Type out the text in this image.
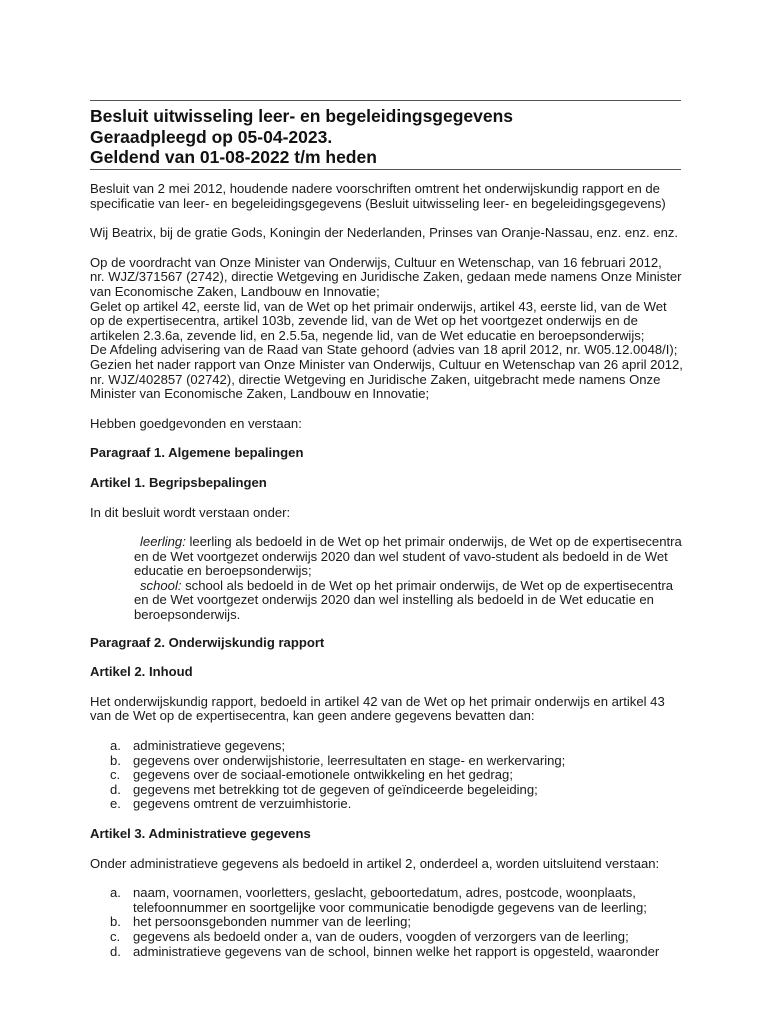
Besluit uitwisseling leer- en begeleidingsgegevens

Geraadpleegd op 05-04-2023.

Geldend van 01-08-2022 t/m heden

Besluit van 2 mei 2012, houdende nadere voorschriften omtrent het onderwijskundig rapport en de

specificatie van leer- en begeleidingsgegevens (Besluit uitwisseling leer- en begeleidingsgegevens)

Wij Beatrix, bij de gratie Gods, Koningin der Nederlanden, Prinses van Oranje-Nassau, enz. enz. enz.

Op de voordracht van Onze Minister van Onderwijs, Cultuur en Wetenschap, van 16 februari 2012,

nr. WJZ/371567 (2742), directie Wetgeving en Juridische Zaken, gedaan mede namens Onze Minister

van Economische Zaken, Landbouw en Innovatie;

Gelet op artikel 42, eerste lid, van de Wet op het primair onderwijs, artikel 43, eerste lid, van de Wet

op de expertisecentra, artikel 103b, zevende lid, van de Wet op het voortgezet onderwijs en de

artikelen 2.3.6a, zevende lid, en 2.5.5a, negende lid, van de Wet educatie en beroepsonderwijs;

De Afdeling advisering van de Raad van State gehoord (advies van 18 april 2012, nr. W05.12.0048/I);

Gezien het nader rapport van Onze Minister van Onderwijs, Cultuur en Wetenschap van 26 april 2012,

nr. WJZ/402857 (02742), directie Wetgeving en Juridische Zaken, uitgebracht mede namens Onze

Minister van Economische Zaken, Landbouw en Innovatie;

Hebben goedgevonden en verstaan:

Paragraaf 1. Algemene bepalingen

Artikel 1. Begripsbepalingen

In dit besluit wordt verstaan onder:

leerling: leerling als bedoeld in de Wet op het primair onderwijs, de Wet op de expertisecentra

en de Wet voortgezet onderwijs 2020 dan wel student of vavo-student als bedoeld in de Wet

educatie en beroepsonderwijs;

school: school als bedoeld in de Wet op het primair onderwijs, de Wet op de expertisecentra

en de Wet voortgezet onderwijs 2020 dan wel instelling als bedoeld in de Wet educatie en

beroepsonderwijs.

Paragraaf 2. Onderwijskundig rapport

Artikel 2. Inhoud

Het onderwijskundig rapport, bedoeld in artikel 42 van de Wet op het primair onderwijs en artikel 43

van de Wet op de expertisecentra, kan geen andere gegevens bevatten dan:

a. administratieve gegevens;
b. gegevens over onderwijshistorie, leerresultaten en stage- en werkervaring;
c. gegevens over de sociaal-emotionele ontwikkeling en het gedrag;
d. gegevens met betrekking tot de gegeven of geïndiceerde begeleiding;
e. gegevens omtrent de verzuimhistorie.

Artikel 3. Administratieve gegevens

Onder administratieve gegevens als bedoeld in artikel 2, onderdeel a, worden uitsluitend verstaan:

a. naam, voornamen, voorletters, geslacht, geboortedatum, adres, postcode, woonplaats,
telefoonnummer en soortgelijke voor communicatie benodigde gegevens van de leerling;
b. het persoonsgebonden nummer van de leerling;
c. gegevens als bedoeld onder a, van de ouders, voogden of verzorgers van de leerling;
d. administratieve gegevens van de school, binnen welke het rapport is opgesteld, waaronder
